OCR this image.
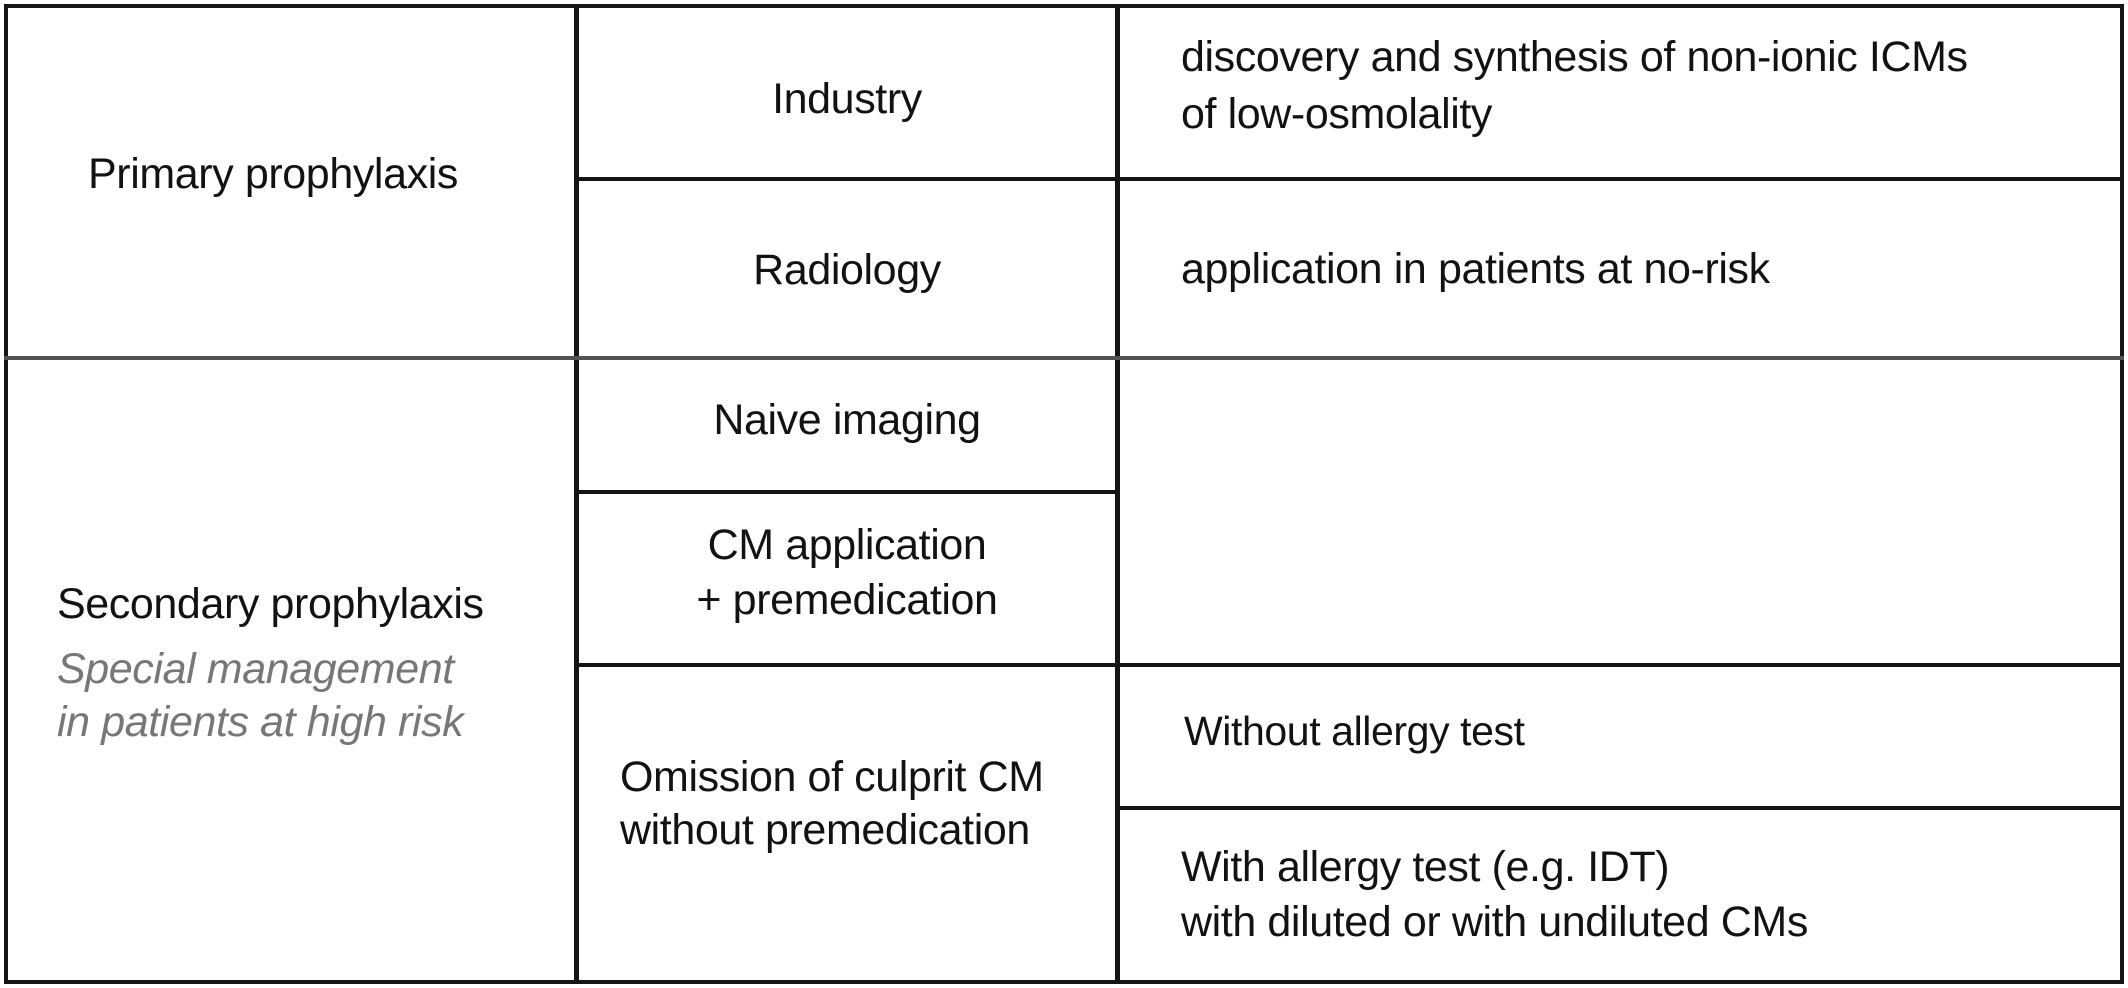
Primary prophylaxis
Secondary prophylaxis
Special management
in patients at high risk
Industry
Radiology
Naive imaging
CM application
+ premedication
Omission of culprit CM
without premedication
discovery and synthesis of non-ionic ICMs
of low-osmolality
application in patients at no-risk
Without allergy test
With allergy test (e.g. IDT)
with diluted or with undiluted CMs
